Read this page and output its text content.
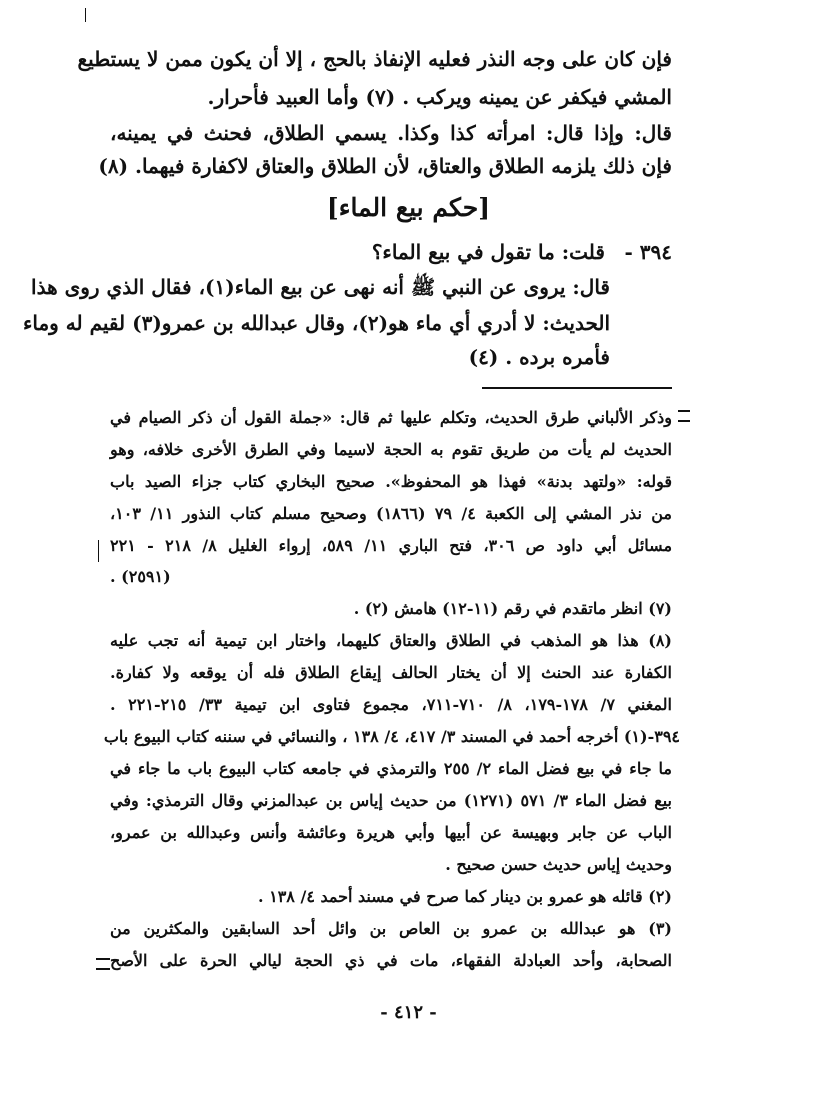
فإن كان على وجه النذر فعليه الإنفاذ بالحج ، إلا أن يكون ممن لا يستطيع
المشي فيكفر عن يمينه ويركب . (٧) وأما العبيد فأحرار.
قال: وإذا قال: امرأته كذا وكذا. يسمي الطلاق، فحنث في يمينه،
فإن ذلك يلزمه الطلاق والعتاق، لأن الطلاق والعتاق لاكفارة فيهما. (٨)
[حكم بيع الماء]
٣٩٤ -
قلت: ما تقول في بيع الماء؟
قال: يروى عن النبي ﷺ أنه نهى عن بيع الماء(١)، فقال الذي روى هذا
الحديث: لا أدري أي ماء هو(٢)، وقال عبدالله بن عمرو(٣) لقيم له وماء
فأمره برده . (٤)
وذكر الألباني طرق الحديث، وتكلم عليها ثم قال: «جملة القول أن ذكر الصيام في
الحديث لم يأت من طريق تقوم به الحجة لاسيما وفي الطرق الأخرى خلافه، وهو
قوله: «ولتهد بدنة» فهذا هو المحفوظ». صحيح البخاري كتاب جزاء الصيد باب
من نذر المشي إلى الكعبة ٤/ ٧٩ (١٨٦٦) وصحيح مسلم كتاب النذور ١١/ ١٠٣،
مسائل أبي داود ص ٣٠٦، فتح الباري ١١/ ٥٨٩، إرواء الغليل ٨/ ٢١٨ - ٢٢١
(٢٥٩١) .
(٧) انظر ماتقدم في رقم (١١-١٢) هامش (٢) .
(٨) هذا هو المذهب في الطلاق والعتاق كليهما، واختار ابن تيمية أنه تجب عليه
الكفارة عند الحنث إلا أن يختار الحالف إيقاع الطلاق فله أن يوقعه ولا كفارة.
المغني ٧/ ١٧٨-١٧٩، ٨/ ٧١٠-٧١١، مجموع فتاوى ابن تيمية ٣٣/ ٢١٥-٢٢١ .
٣٩٤-(١) أخرجه أحمد في المسند ٣/ ٤١٧، ٤/ ١٣٨ ، والنسائي في سننه كتاب البيوع باب
ما جاء في بيع فضل الماء ٢/ ٢٥٥ والترمذي في جامعه كتاب البيوع باب ما جاء في
بيع فضل الماء ٣/ ٥٧١ (١٢٧١) من حديث إياس بن عبدالمزني وقال الترمذي: وفي
الباب عن جابر وبهيسة عن أبيها وأبي هريرة وعائشة وأنس وعبدالله بن عمرو،
وحديث إياس حديث حسن صحيح .
(٢) قائله هو عمرو بن دينار كما صرح في مسند أحمد ٤/ ١٣٨ .
(٣) هو عبدالله بن عمرو بن العاص بن وائل أحد السابقين والمكثرين من
الصحابة، وأحد العبادلة الفقهاء، مات في ذي الحجة ليالي الحرة على الأصح
- ٤١٢ -
